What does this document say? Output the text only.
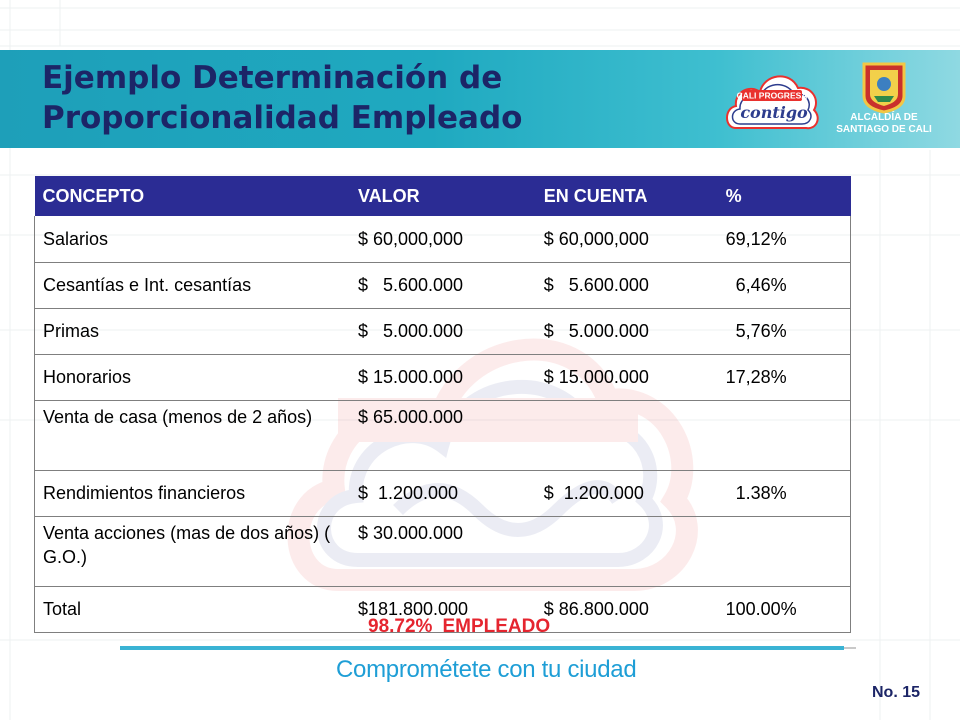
Ejemplo Determinación de
Proporcionalidad Empleado
CALI PROGRESA
contigo	ALCALDÍA DE
SANTIAGO DE CALI
CONCEPTO	VALOR	EN CUENTA	%
Salarios	$ 60,000,000	$ 60,000,000	69,12%
Cesantías e Int. cesantías	$   5.600.000	$   5.600.000	6,46%
Primas	$   5.000.000	$   5.000.000	5,76%
Honorarios	$ 15.000.000	$ 15.000.000	17,28%
Venta de casa (menos de 2 años)	$ 65.000.000		
Rendimientos financieros	$  1.200.000	$  1.200.000	1.38%
Venta acciones (mas de dos años) ( G.O.)	$ 30.000.000		
Total	$181.800.000	$ 86.800.000	100.00%
98.72% EMPLEADO
Comprométete con tu ciudad
No. 15
